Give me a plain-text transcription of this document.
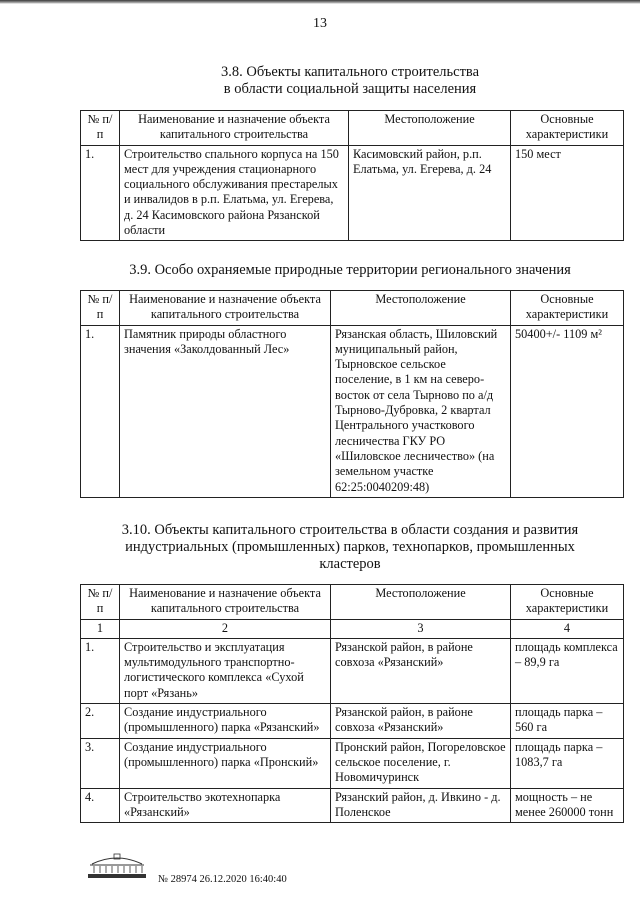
13
3.8. Объекты капитального строительства
в области социальной защиты населения
№ п/п	Наименование и назначение объекта капитального строительства	Местоположение	Основные характеристики
1.	Строительство спального корпуса на 150 мест для учреждения стационарного социального обслуживания престарелых и инвалидов в р.п. Елатьма, ул. Егерева, д. 24 Касимовского района Рязанской области	Касимовский район, р.п. Елатьма, ул. Егерева, д. 24	150 мест
3.9. Особо охраняемые природные территории регионального значения
№ п/п	Наименование и назначение объекта капитального строительства	Местоположение	Основные характеристики
1.	Памятник природы областного значения «Заколдованный Лес»	Рязанская область, Шиловский муниципальный район, Тырновское сельское поселение, в 1 км на северо-восток от села Тырново по а/д Тырново-Дубровка, 2 квартал Центрального участкового лесничества ГКУ РО «Шиловское лесничество» (на земельном участке 62:25:0040209:48)	50400+/- 1109 м²
3.10. Объекты капитального строительства в области создания и развития
индустриальных (промышленных) парков, технопарков, промышленных
кластеров
№ п/п	Наименование и назначение объекта капитального строительства	Местоположение	Основные характеристики
1	2	3	4
1.	Строительство и эксплуатация мультимодульного транспортно-логистического комплекса «Сухой порт «Рязань»	Рязанской район, в районе совхоза «Рязанский»	площадь комплекса – 89,9 га
2.	Создание индустриального (промышленного) парка «Рязанский»	Рязанской район, в районе совхоза «Рязанский»	площадь парка – 560 га
3.	Создание индустриального (промышленного) парка «Пронский»	Пронский район, Погореловское сельское поселение, г. Новомичуринск	площадь парка – 1083,7 га
4.	Строительство экотехнопарка «Рязанский»	Рязанский район, д. Ивкино - д. Поленское	мощность – не менее 260000 тонн
№ 28974 26.12.2020 16:40:40
